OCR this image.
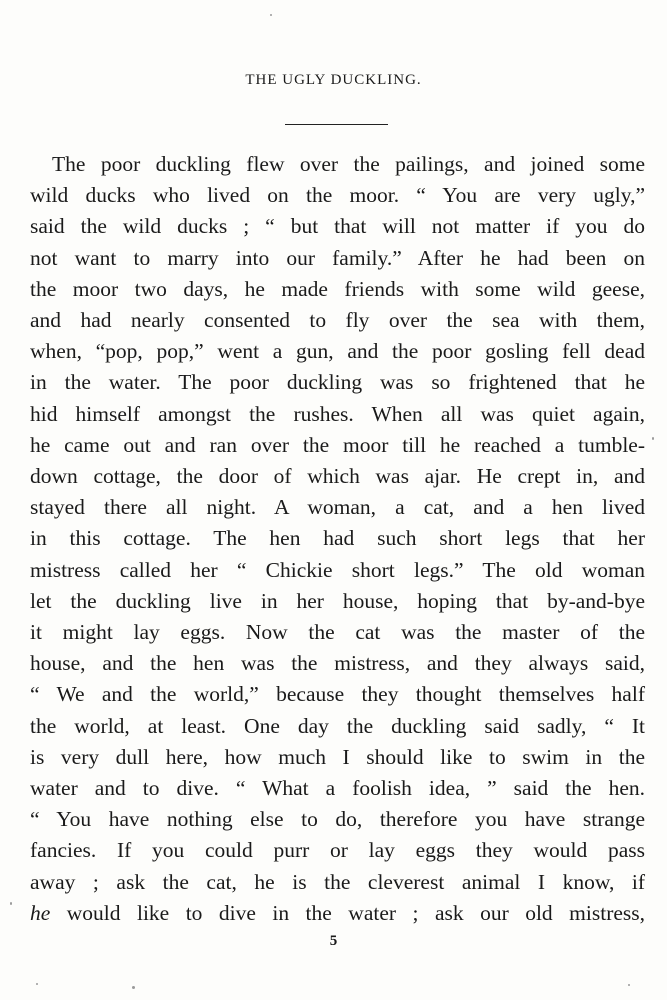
THE UGLY DUCKLING.
The poor duckling flew over the pailings, and joined some
wild ducks who lived on the moor. “ You are very ugly,”
said the wild ducks ; “ but that will not matter if you do
not want to marry into our family.” After he had been on
the moor two days, he made friends with some wild geese,
and had nearly consented to fly over the sea with them,
when, “pop, pop,” went a gun, and the poor gosling fell dead
in the water. The poor duckling was so frightened that he
hid himself amongst the rushes. When all was quiet again,
he came out and ran over the moor till he reached a tumble-
down cottage, the door of which was ajar. He crept in, and
stayed there all night. A woman, a cat, and a hen lived
in this cottage. The hen had such short legs that her
mistress called her “ Chickie short legs.” The old woman
let the duckling live in her house, hoping that by-and-bye
it might lay eggs. Now the cat was the master of the
house, and the hen was the mistress, and they always said,
“ We and the world,” because they thought themselves half
the world, at least. One day the duckling said sadly, “ It
is very dull here, how much I should like to swim in the
water and to dive. “ What a foolish idea, ” said the hen.
“ You have nothing else to do, therefore you have strange
fancies. If you could purr or lay eggs they would pass
away ; ask the cat, he is the cleverest animal I know, if
he would like to dive in the water ; ask our old mistress,
5
